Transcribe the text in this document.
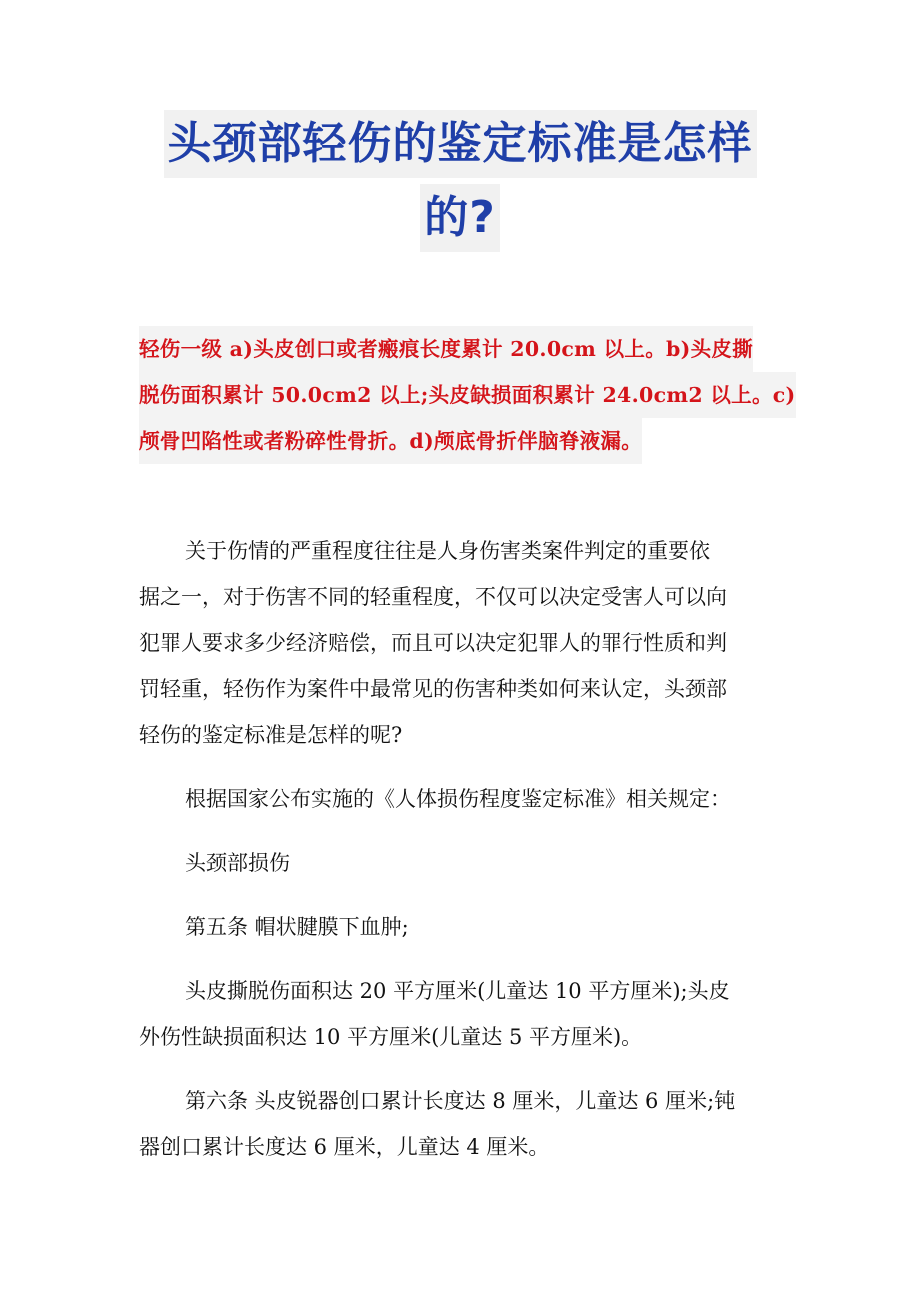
头颈部轻伤的鉴定标准是怎样
的?
轻伤一级 a)头皮创口或者瘢痕长度累计 20.0cm 以上。b)头皮撕
脱伤面积累计 50.0cm2 以上;头皮缺损面积累计 24.0cm2 以上。c)
颅骨凹陷性或者粉碎性骨折。d)颅底骨折伴脑脊液漏。

关于伤情的严重程度往往是人身伤害类案件判定的重要依
据之一，对于伤害不同的轻重程度，不仅可以决定受害人可以向
犯罪人要求多少经济赔偿，而且可以决定犯罪人的罪行性质和判
罚轻重，轻伤作为案件中最常见的伤害种类如何来认定，头颈部
轻伤的鉴定标准是怎样的呢?

根据国家公布实施的《人体损伤程度鉴定标准》相关规定：

头颈部损伤

第五条 帽状腱膜下血肿;

头皮撕脱伤面积达 20 平方厘米(儿童达 10 平方厘米);头皮
外伤性缺损面积达 10 平方厘米(儿童达 5 平方厘米)。

第六条 头皮锐器创口累计长度达 8 厘米，儿童达 6 厘米;钝
器创口累计长度达 6 厘米，儿童达 4 厘米。
